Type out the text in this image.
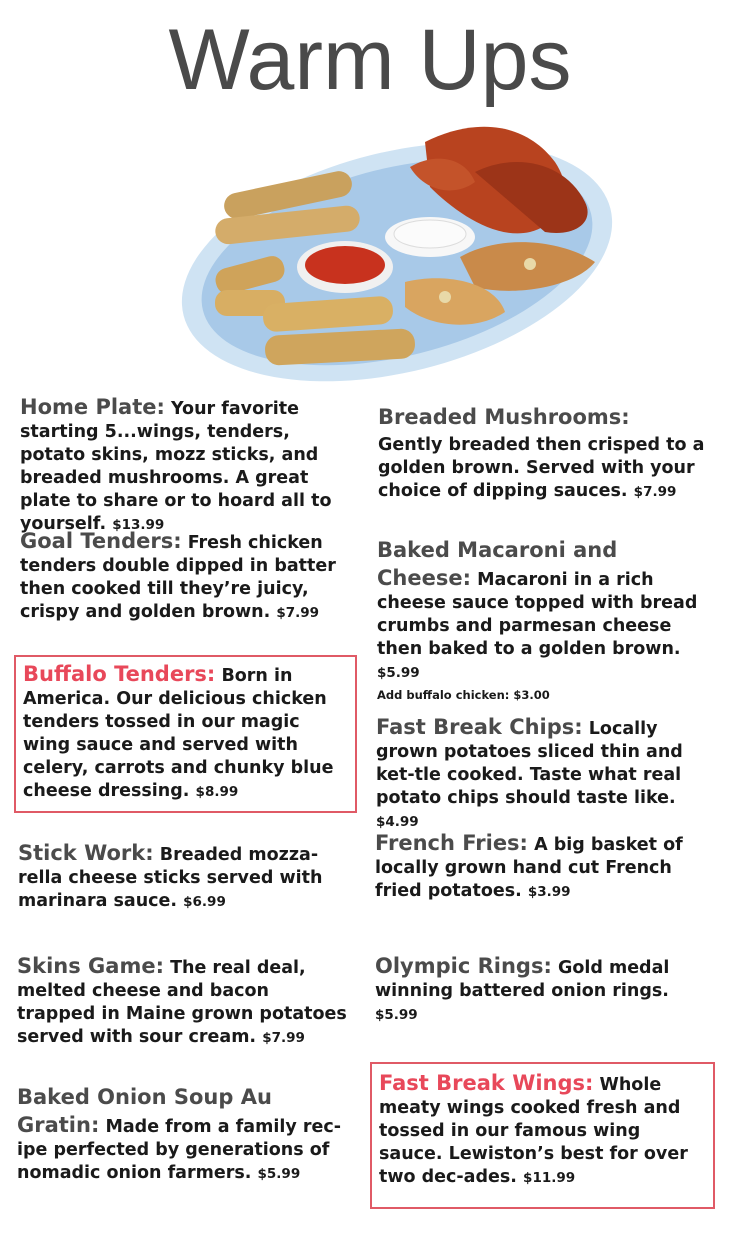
Warm Ups
Home Plate: Your favorite starting 5...wings, tenders, potato skins, mozz sticks, and breaded mushrooms. A great plate to share or to hoard all to yourself. $13.99
Goal Tenders: Fresh chicken tenders double dipped in batter then cooked till they’re juicy, crispy and golden brown. $7.99
Buffalo Tenders: Born in America. Our delicious chicken tenders tossed in our magic wing sauce and served with celery, carrots and chunky blue cheese dressing. $8.99
Stick Work: Breaded mozza-rella cheese sticks served with marinara sauce. $6.99
Skins Game: The real deal, melted cheese and bacon trapped in Maine grown potatoes served with sour cream. $7.99
Baked Onion Soup Au
Gratin: Made from a family rec-ipe perfected by generations of nomadic onion farmers. $5.99
Breaded Mushrooms:
Gently breaded then crisped to a golden brown. Served with your choice of dipping sauces. $7.99
Baked Macaroni and
Cheese: Macaroni in a rich cheese sauce topped with bread crumbs and parmesan cheese then baked to a golden brown. $5.99
Add buffalo chicken: $3.00
Fast Break Chips: Locally grown potatoes sliced thin and ket-tle cooked. Taste what real potato chips should taste like. $4.99
French Fries: A big basket of locally grown hand cut French fried potatoes. $3.99
Olympic Rings: Gold medal winning battered onion rings. $5.99
Fast Break Wings: Whole meaty wings cooked fresh and tossed in our famous wing sauce. Lewiston’s best for over two dec-ades. $11.99
